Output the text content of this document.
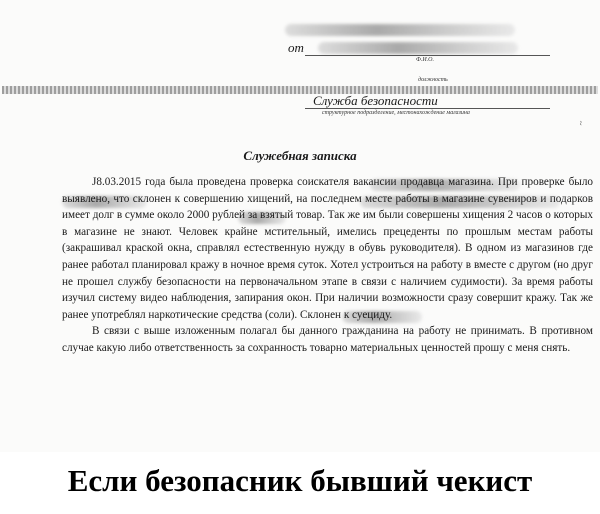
от
Ф.И.О.
должность
Служба безопасности
структурное подразделение, местонахождение магазина
~
Служебная записка

J8.03.2015 года была проведена проверка соискателя вакансии продавца магазина. При проверке было выявлено, что склонен к совершению хищений, на последнем месте работы в магазине сувениров и подарков имеет долг в сумме около 2000 рублей за взятый товар. Так же им были совершены хищения 2 часов о которых в магазине не знают. Человек крайне мстительный, имелись прецеденты по прошлым местам работы (закрашивал краской окна, справлял естественную нужду в обувь руководителя). В одном из магазинов где ранее работал планировал кражу в ночное время суток. Хотел устроиться на работу в вместе с другом (но друг не прошел службу безопасности на первоначальном этапе в связи с наличием судимости). За время работы изучил систему видео наблюдения, запирания окон. При наличии возможности сразу совершит кражу. Так же ранее употреблял наркотические средства (соли). Склонен к суециду.

В связи с выше изложенным полагал бы данного гражданина на работу не принимать. В противном случае какую либо ответственность за сохранность товарно материальных ценностей прошу с меня снять.

Если безопасник бывший чекист
